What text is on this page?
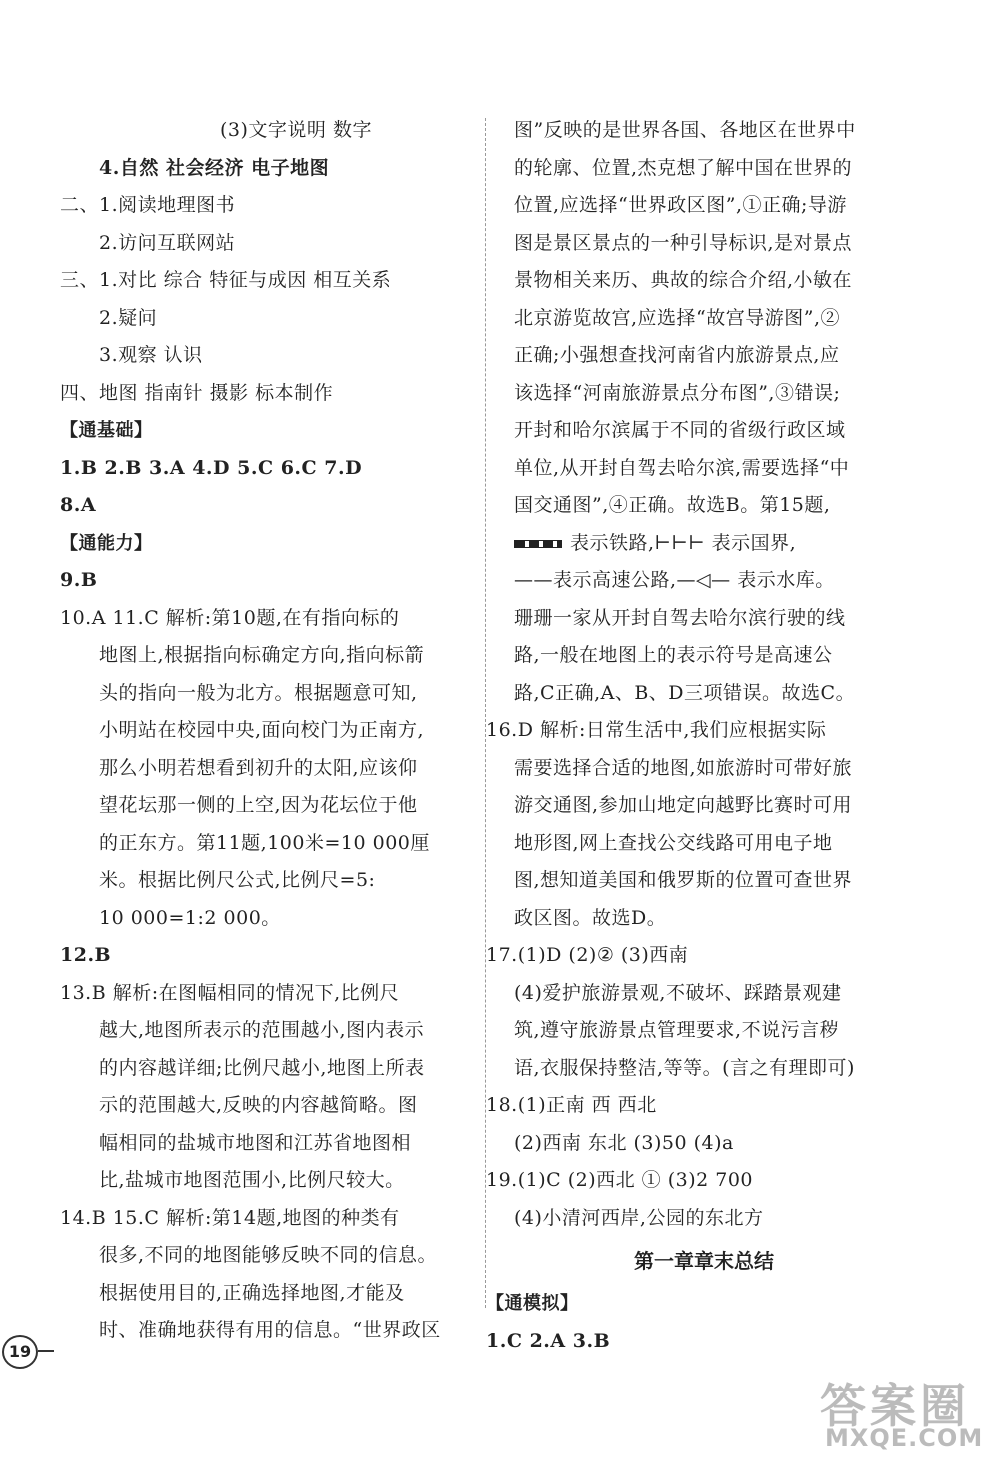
(3)文字说明 数字
4.自然 社会经济 电子地图
二、1.阅读地理图书
2.访问互联网站
三、1.对比 综合 特征与成因 相互关系
2.疑问
3.观察 认识
四、地图 指南针 摄影 标本制作
【通基础】
1.B 2.B 3.A 4.D 5.C 6.C 7.D
8.A
【通能力】
9.B
10.A 11.C 解析:第10题,在有指向标的
地图上,根据指向标确定方向,指向标箭
头的指向一般为北方。根据题意可知,
小明站在校园中央,面向校门为正南方,
那么小明若想看到初升的太阳,应该仰
望花坛那一侧的上空,因为花坛位于他
的正东方。第11题,100米=10 000厘
米。根据比例尺公式,比例尺=5:
10 000=1:2 000。
12.B
13.B 解析:在图幅相同的情况下,比例尺
越大,地图所表示的范围越小,图内表示
的内容越详细;比例尺越小,地图上所表
示的范围越大,反映的内容越简略。图
幅相同的盐城市地图和江苏省地图相
比,盐城市地图范围小,比例尺较大。
14.B 15.C 解析:第14题,地图的种类有
很多,不同的地图能够反映不同的信息。
根据使用目的,正确选择地图,才能及
时、准确地获得有用的信息。“世界政区
图”反映的是世界各国、各地区在世界中
的轮廓、位置,杰克想了解中国在世界的
位置,应选择“世界政区图”,①正确;导游
图是景区景点的一种引导标识,是对景点
景物相关来历、典故的综合介绍,小敏在
北京游览故宫,应选择“故宫导游图”,②
正确;小强想查找河南省内旅游景点,应
该选择“河南旅游景点分布图”,③错误;
开封和哈尔滨属于不同的省级行政区域
单位,从开封自驾去哈尔滨,需要选择“中
国交通图”,④正确。故选B。第15题,
表示铁路,⊢⊢⊢ 表示国界,
——表示高速公路,—◁— 表示水库。
珊珊一家从开封自驾去哈尔滨行驶的线
路,一般在地图上的表示符号是高速公
路,C正确,A、B、D三项错误。故选C。
16.D 解析:日常生活中,我们应根据实际
需要选择合适的地图,如旅游时可带好旅
游交通图,参加山地定向越野比赛时可用
地形图,网上查找公交线路可用电子地
图,想知道美国和俄罗斯的位置可查世界
政区图。故选D。
17.(1)D (2)② (3)西南
(4)爱护旅游景观,不破坏、踩踏景观建
筑,遵守旅游景点管理要求,不说污言秽
语,衣服保持整洁,等等。(言之有理即可)
18.(1)正南 西 西北
(2)西南 东北 (3)50 (4)a
19.(1)C (2)西北 ① (3)2 700
(4)小清河西岸,公园的东北方
第一章章末总结
【通模拟】
1.C 2.A 3.B
19
答案圈
MXQE.COM
